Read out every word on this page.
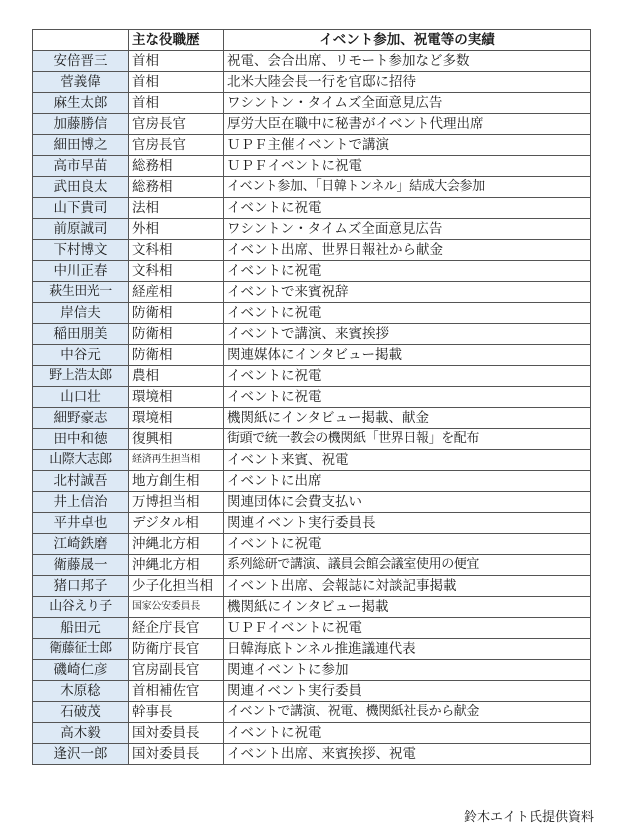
	主な役職歴	イベント参加、祝電等の実績
安倍晋三	首相	祝電、会合出席、リモート参加など多数
菅義偉	首相	北米大陸会長一行を官邸に招待
麻生太郎	首相	ワシントン・タイムズ全面意見広告
加藤勝信	官房長官	厚労大臣在職中に秘書がイベント代理出席
細田博之	官房長官	ＵＰＦ主催イベントで講演
高市早苗	総務相	ＵＰＦイベントに祝電
武田良太	総務相	イベント参加、「日韓トンネル」結成大会参加
山下貴司	法相	イベントに祝電
前原誠司	外相	ワシントン・タイムズ全面意見広告
下村博文	文科相	イベント出席、世界日報社から献金
中川正春	文科相	イベントに祝電
萩生田光一	経産相	イベントで来賓祝辞
岸信夫	防衛相	イベントに祝電
稲田朋美	防衛相	イベントで講演、来賓挨拶
中谷元	防衛相	関連媒体にインタビュー掲載
野上浩太郎	農相	イベントに祝電
山口壮	環境相	イベントに祝電
細野豪志	環境相	機関紙にインタビュー掲載、献金
田中和徳	復興相	街頭で統一教会の機関紙「世界日報」を配布
山際大志郎	経済再生担当相	イベント来賓、祝電
北村誠吾	地方創生相	イベントに出席
井上信治	万博担当相	関連団体に会費支払い
平井卓也	デジタル相	関連イベント実行委員長
江崎鉄磨	沖縄北方相	イベントに祝電
衛藤晟一	沖縄北方相	系列総研で講演、議員会館会議室使用の便宜
猪口邦子	少子化担当相	イベント出席、会報誌に対談記事掲載
山谷えり子	国家公安委員長	機関紙にインタビュー掲載
船田元	経企庁長官	ＵＰＦイベントに祝電
衛藤征士郎	防衛庁長官	日韓海底トンネル推進議連代表
磯崎仁彦	官房副長官	関連イベントに参加
木原稔	首相補佐官	関連イベント実行委員
石破茂	幹事長	イベントで講演、祝電、機関紙社長から献金
高木毅	国対委員長	イベントに祝電
逢沢一郎	国対委員長	イベント出席、来賓挨拶、祝電
鈴木エイト氏提供資料
